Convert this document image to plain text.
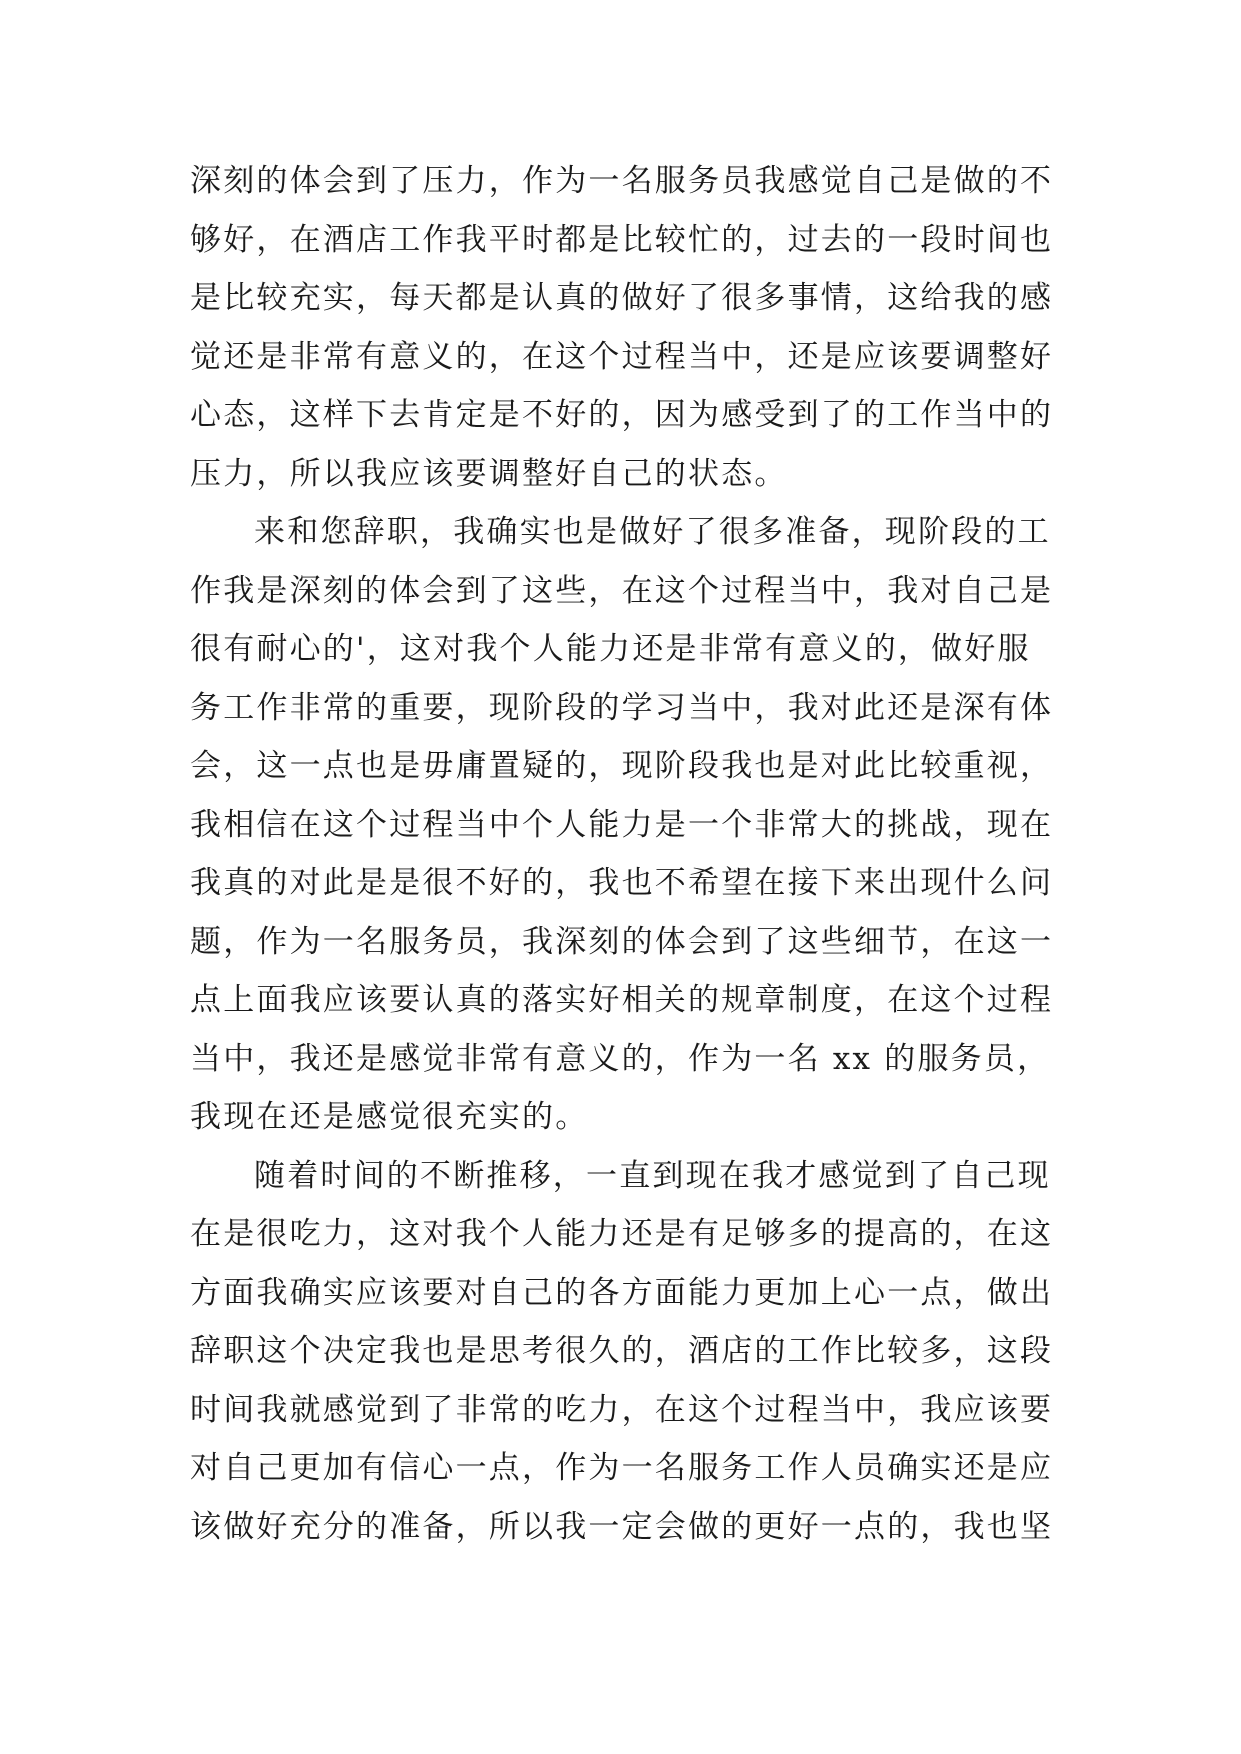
深刻的体会到了压力，作为一名服务员我感觉自己是做的不
够好，在酒店工作我平时都是比较忙的，过去的一段时间也
是比较充实，每天都是认真的做好了很多事情，这给我的感
觉还是非常有意义的，在这个过程当中，还是应该要调整好
心态，这样下去肯定是不好的，因为感受到了的工作当中的
压力，所以我应该要调整好自己的状态。
来和您辞职，我确实也是做好了很多准备，现阶段的工
作我是深刻的体会到了这些，在这个过程当中，我对自己是
很有耐心的'，这对我个人能力还是非常有意义的，做好服
务工作非常的重要，现阶段的学习当中，我对此还是深有体
会，这一点也是毋庸置疑的，现阶段我也是对此比较重视，
我相信在这个过程当中个人能力是一个非常大的挑战，现在
我真的对此是是很不好的，我也不希望在接下来出现什么问
题，作为一名服务员，我深刻的体会到了这些细节，在这一
点上面我应该要认真的落实好相关的规章制度，在这个过程
当中，我还是感觉非常有意义的，作为一名 xx 的服务员，
我现在还是感觉很充实的。
随着时间的不断推移，一直到现在我才感觉到了自己现
在是很吃力，这对我个人能力还是有足够多的提高的，在这
方面我确实应该要对自己的各方面能力更加上心一点，做出
辞职这个决定我也是思考很久的，酒店的工作比较多，这段
时间我就感觉到了非常的吃力，在这个过程当中，我应该要
对自己更加有信心一点，作为一名服务工作人员确实还是应
该做好充分的准备，所以我一定会做的更好一点的，我也坚
